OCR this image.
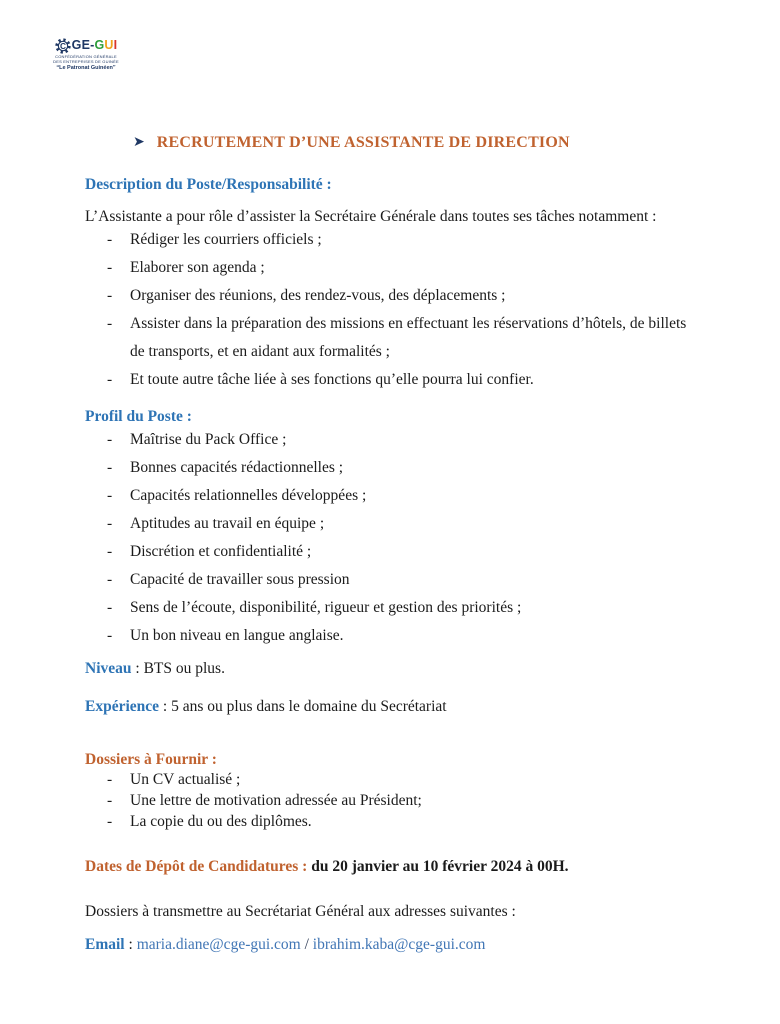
C GE- G U I
CONFÉDÉRATION GÉNÉRALE
DES ENTREPRISES DE GUINÉE
“Le Patronat Guinéen”
➤ RECRUTEMENT D’UNE ASSISTANTE DE DIRECTION
Description du Poste/Responsabilité :

L’Assistante a pour rôle d’assister la Secrétaire Générale dans toutes ses tâches notamment :

-	Rédiger les courriers officiels ;
-	Elaborer son agenda ;
-	Organiser des réunions, des rendez-vous, des déplacements ;
-	Assister dans la préparation des missions en effectuant les réservations d’hôtels, de billets de transports, et en aidant aux formalités ;
-	Et toute autre tâche liée à ses fonctions qu’elle pourra lui confier.
Profil du Poste :
-	Maîtrise du Pack Office ;
-	Bonnes capacités rédactionnelles ;
-	Capacités relationnelles développées ;
-	Aptitudes au travail en équipe ;
-	Discrétion et confidentialité ;
-	Capacité de travailler sous pression
-	Sens de l’écoute, disponibilité, rigueur et gestion des priorités ;
-	Un bon niveau en langue anglaise.

Niveau : BTS ou plus.

Expérience : 5 ans ou plus dans le domaine du Secrétariat

Dossiers à Fournir :
-	Un CV actualisé ;
-	Une lettre de motivation adressée au Président;
-	La copie du ou des diplômes.

Dates de Dépôt de Candidatures : du 20 janvier au 10 février 2024 à 00H.

Dossiers à transmettre au Secrétariat Général aux adresses suivantes :

Email : maria.diane@cge-gui.com / ibrahim.kaba@cge-gui.com
